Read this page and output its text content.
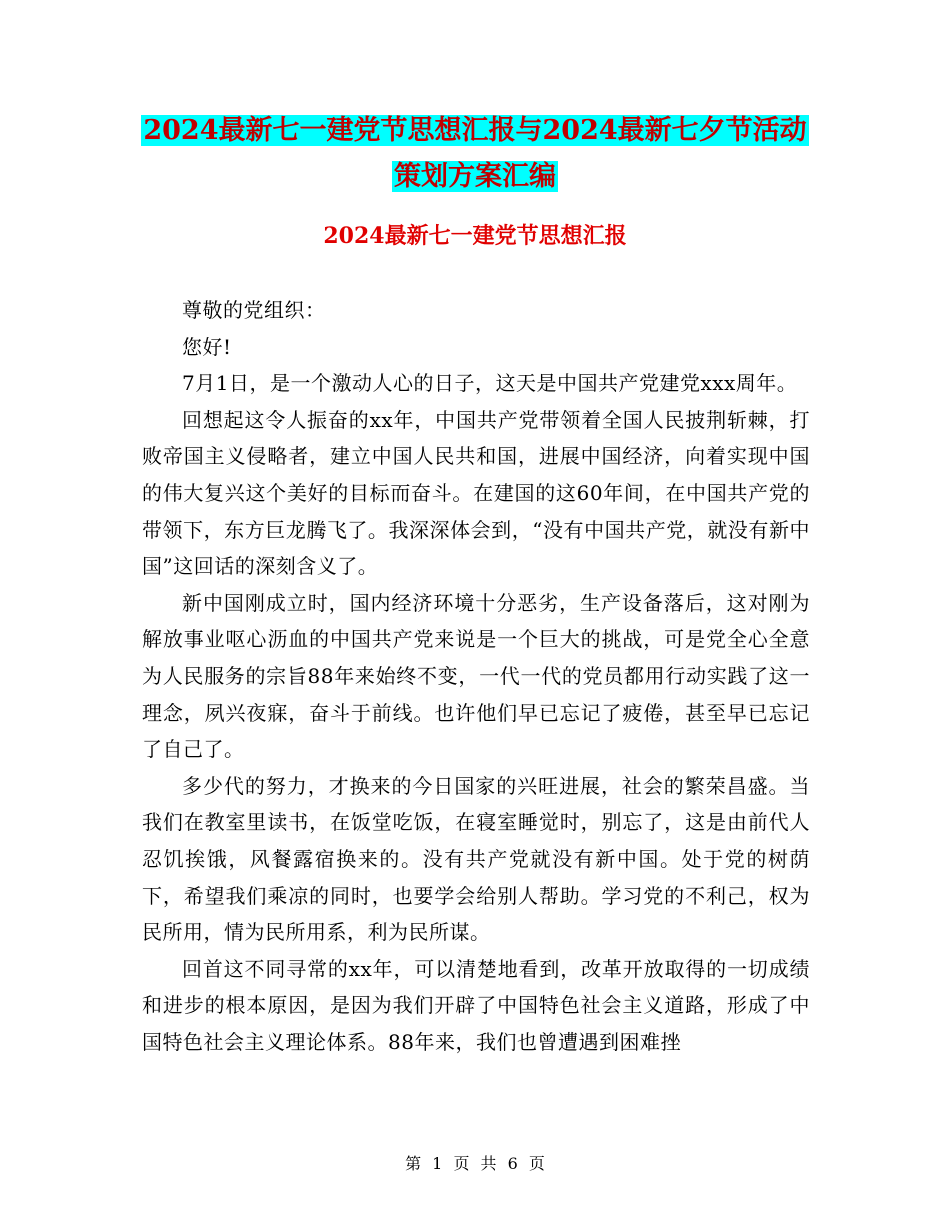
2024最新七一建党节思想汇报与2024最新七夕节活动
策划方案汇编
2024最新七一建党节思想汇报

尊敬的党组织：

您好!

7月1日，是一个激动人心的日子，这天是中国共产党建党xxx周年。

回想起这令人振奋的xx年，中国共产党带领着全国人民披荆斩棘，打败帝国主义侵略者，建立中国人民共和国，进展中国经济，向着实现中国的伟大复兴这个美好的目标而奋斗。在建国的这60年间，在中国共产党的带领下，东方巨龙腾飞了。我深深体会到，“没有中国共产党，就没有新中国”这回话的深刻含义了。

新中国刚成立时，国内经济环境十分恶劣，生产设备落后，这对刚为解放事业呕心沥血的中国共产党来说是一个巨大的挑战，可是党全心全意为人民服务的宗旨88年来始终不变，一代一代的党员都用行动实践了这一理念，夙兴夜寐，奋斗于前线。也许他们早已忘记了疲倦，甚至早已忘记了自己了。

多少代的努力，才换来的今日国家的兴旺进展，社会的繁荣昌盛。当我们在教室里读书，在饭堂吃饭，在寝室睡觉时，别忘了，这是由前代人忍饥挨饿，风餐露宿换来的。没有共产党就没有新中国。处于党的树荫下，希望我们乘凉的同时，也要学会给别人帮助。学习党的不利己，权为民所用，情为民所用系，利为民所谋。

回首这不同寻常的xx年，可以清楚地看到，改革开放取得的一切成绩和进步的根本原因，是因为我们开辟了中国特色社会主义道路，形成了中国特色社会主义理论体系。88年来，我们也曾遭遇到困难挫

第 1 页 共 6 页
